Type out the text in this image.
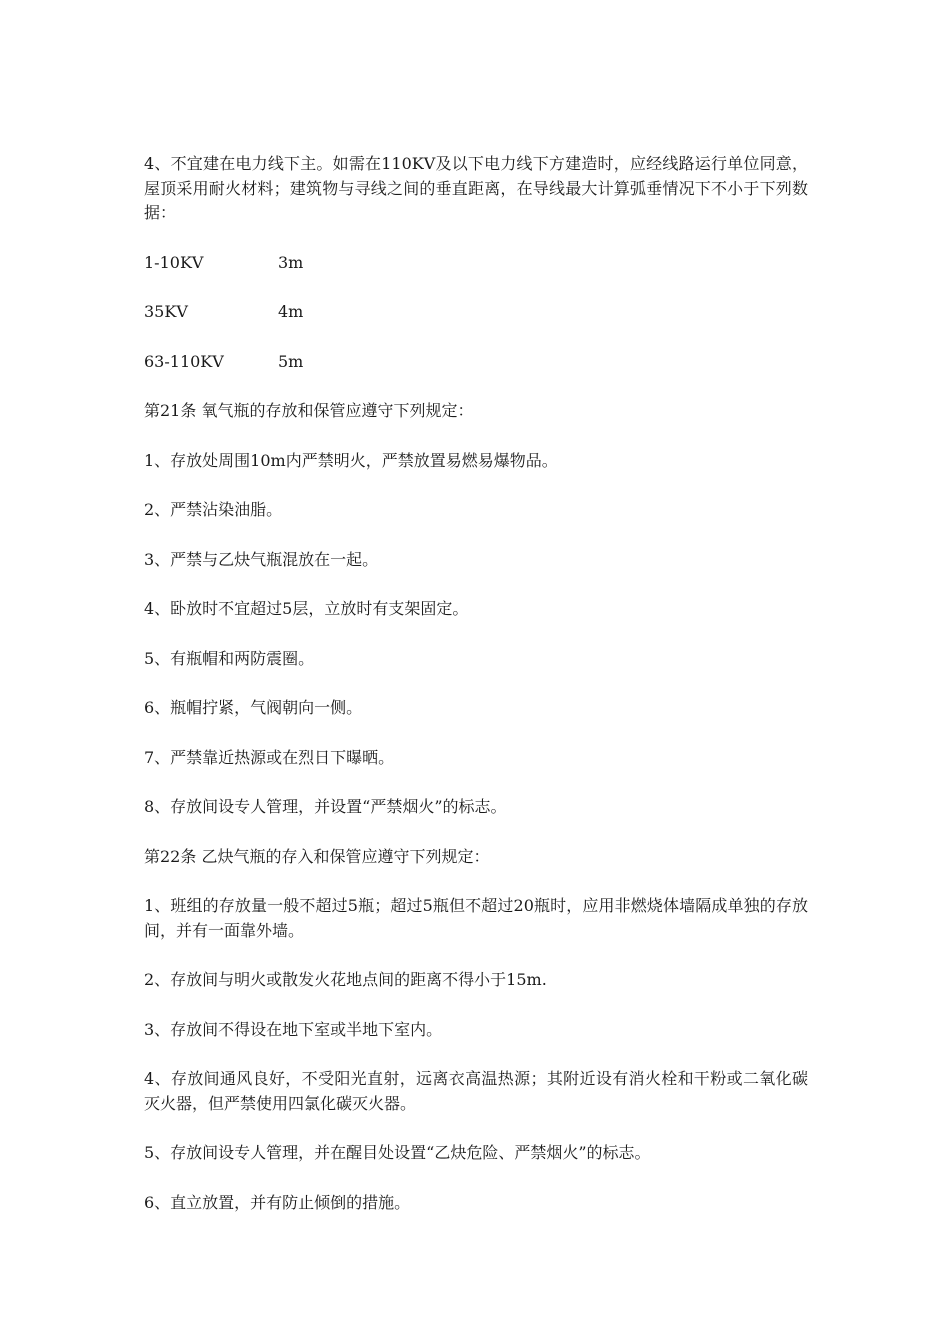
4、不宜建在电力线下主。如需在110KV及以下电力线下方建造时，应经线路运行单位同意，屋顶采用耐火材料；建筑物与寻线之间的垂直距离，在导线最大计算弧垂情况下不小于下列数据：

1-10KV	3m
35KV	4m
63-110KV	5m

第21条 氧气瓶的存放和保管应遵守下列规定：

1、存放处周围10m内严禁明火，严禁放置易燃易爆物品。

2、严禁沾染油脂。

3、严禁与乙炔气瓶混放在一起。

4、卧放时不宜超过5层，立放时有支架固定。

5、有瓶帽和两防震圈。

6、瓶帽拧紧，气阀朝向一侧。

7、严禁靠近热源或在烈日下曝晒。

8、存放间设专人管理，并设置“严禁烟火”的标志。

第22条 乙炔气瓶的存入和保管应遵守下列规定：

1、班组的存放量一般不超过5瓶；超过5瓶但不超过20瓶时，应用非燃烧体墙隔成单独的存放间，并有一面靠外墙。

2、存放间与明火或散发火花地点间的距离不得小于15m.

3、存放间不得设在地下室或半地下室内。

4、存放间通风良好，不受阳光直射，远离衣高温热源；其附近设有消火栓和干粉或二氧化碳灭火器，但严禁使用四氯化碳灭火器。

5、存放间设专人管理，并在醒目处设置“乙炔危险、严禁烟火”的标志。

6、直立放置，并有防止倾倒的措施。
